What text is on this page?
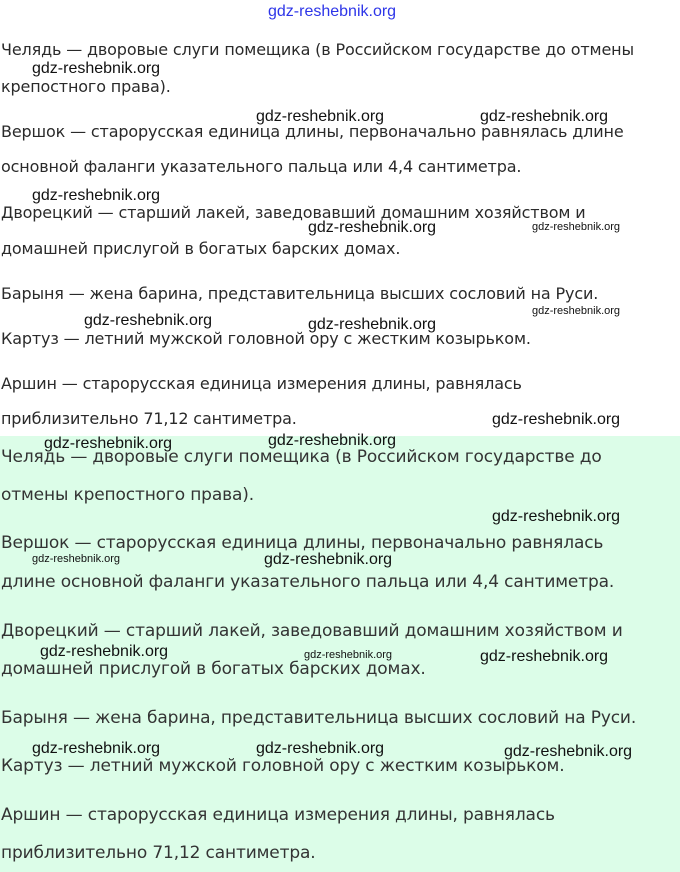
Челядь — дворовые слуги помещика (в Российском государстве до отмены
крепостного права).
Вершок — старорусская единица длины, первоначально равнялась длине
основной фаланги указательного пальца или 4,4 сантиметра.
Дворецкий — старший лакей, заведовавший домашним хозяйством и
домашней прислугой в богатых барских домах.
Барыня — жена барина, представительница высших сословий на Руси.
Картуз — летний мужской головной ору с жестким козырьком.
Аршин — старорусская единица измерения длины, равнялась
приблизительно 71,12 сантиметра.
Челядь — дворовые слуги помещика (в Российском государстве до
отмены крепостного права).
Вершок — старорусская единица длины, первоначально равнялась
длине основной фаланги указательного пальца или 4,4 сантиметра.
Дворецкий — старший лакей, заведовавший домашним хозяйством и
домашней прислугой в богатых барских домах.
Барыня — жена барина, представительница высших сословий на Руси.
Картуз — летний мужской головной ору с жестким козырьком.
Аршин — старорусская единица измерения длины, равнялась
приблизительно 71,12 сантиметра.
gdz-reshebnik.org
gdz-reshebnik.org
gdz-reshebnik.org	gdz-reshebnik.org
gdz-reshebnik.org
gdz-reshebnik.org	gdz-reshebnik.org
gdz-reshebnik.org
gdz-reshebnik.org	gdz-reshebnik.org
gdz-reshebnik.org
gdz-reshebnik.org	gdz-reshebnik.org
gdz-reshebnik.org
gdz-reshebnik.org	gdz-reshebnik.org
gdz-reshebnik.org	gdz-reshebnik.org	gdz-reshebnik.org
gdz-reshebnik.org	gdz-reshebnik.org	gdz-reshebnik.org
